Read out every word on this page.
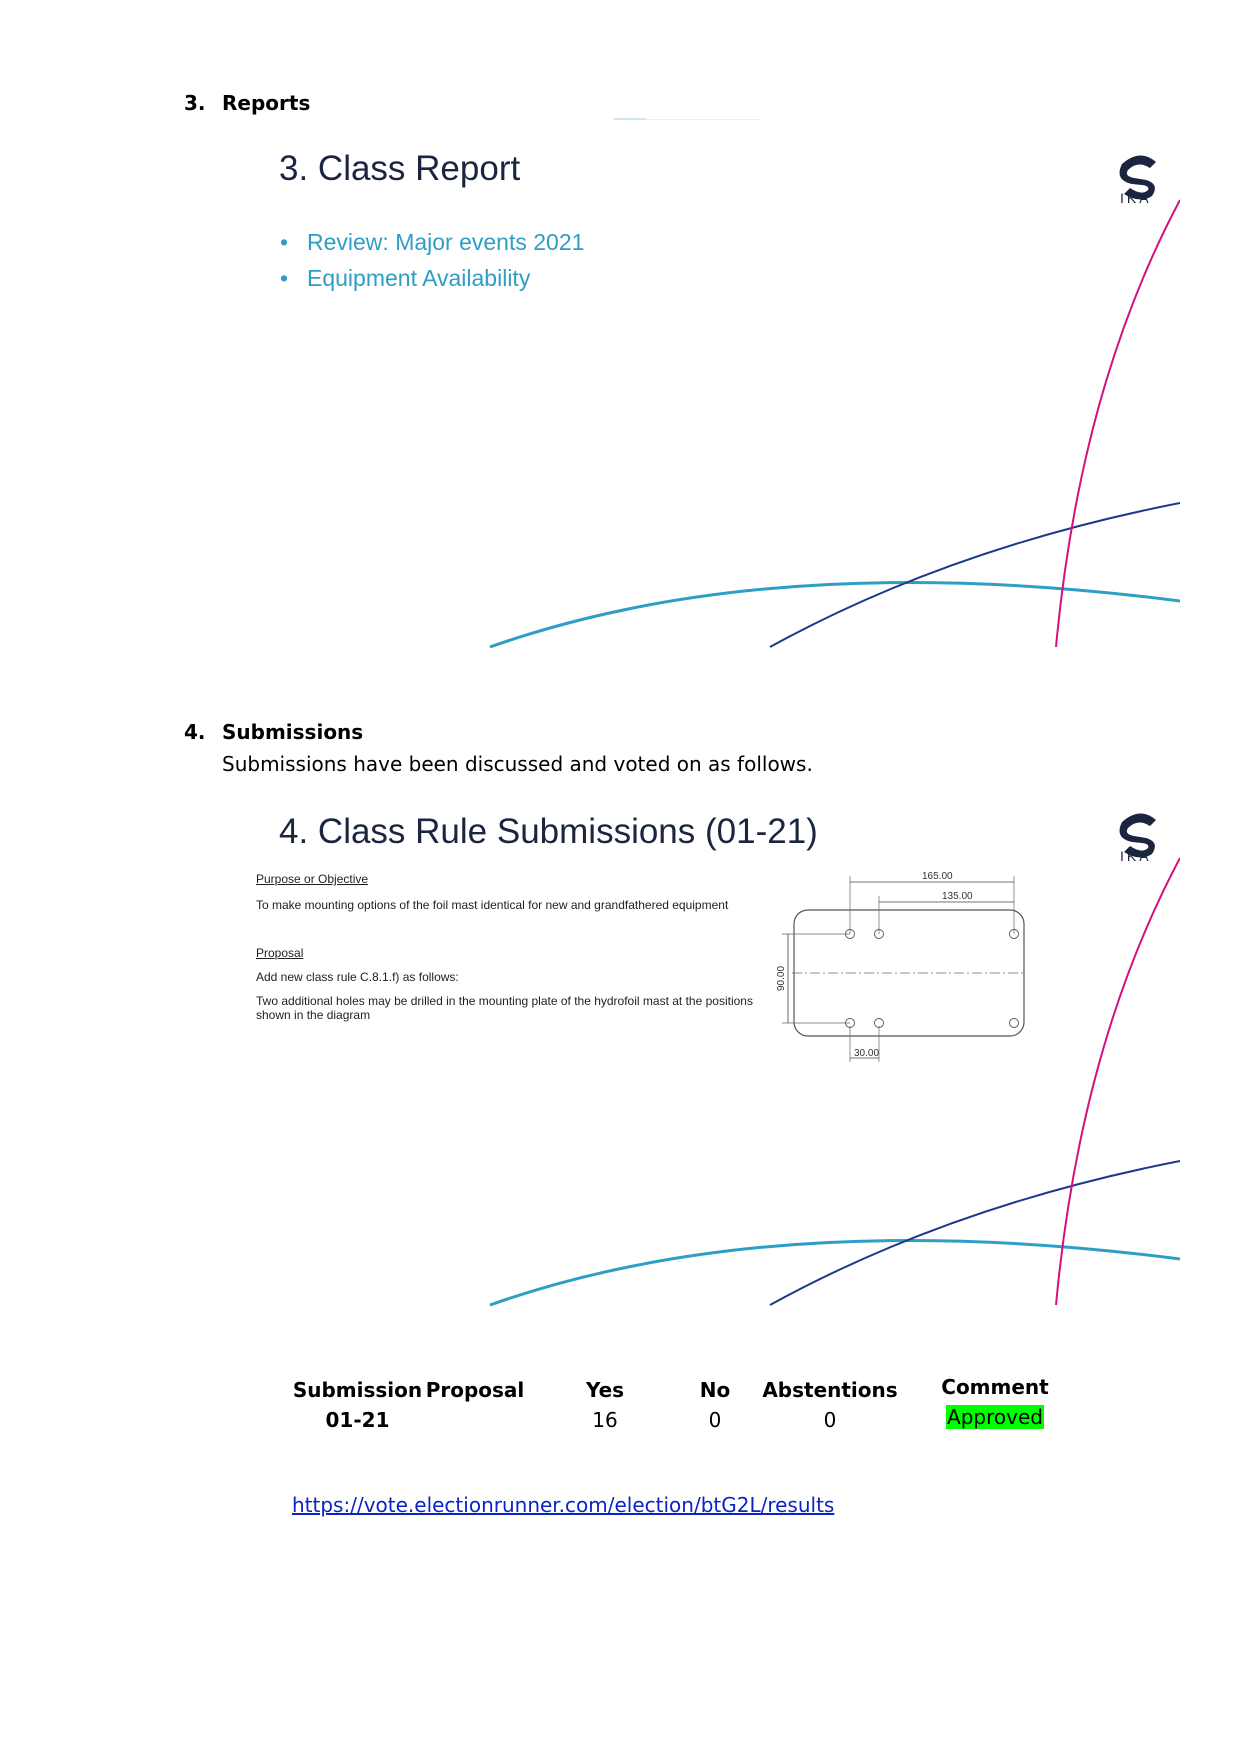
3. Reports
3. Class Report
• Review: Major events 2021
• Equipment Availability
IKA
4. Submissions
Submissions have been discussed and voted on as follows.
4. Class Rule Submissions (01-21)
IKA
Purpose or Objective
To make mounting options of the foil mast identical for new and grandfathered equipment
Proposal
Add new class rule C.8.1.f) as follows:
Two additional holes may be drilled in the mounting plate of the hydrofoil mast at the positions
shown in the diagram
165.00
135.00
90.00
30.00
Submission	Proposal	Yes	No	Abstentions	Comment
01-21		16	0	0	Approved
https://vote.electionrunner.com/election/btG2L/results
